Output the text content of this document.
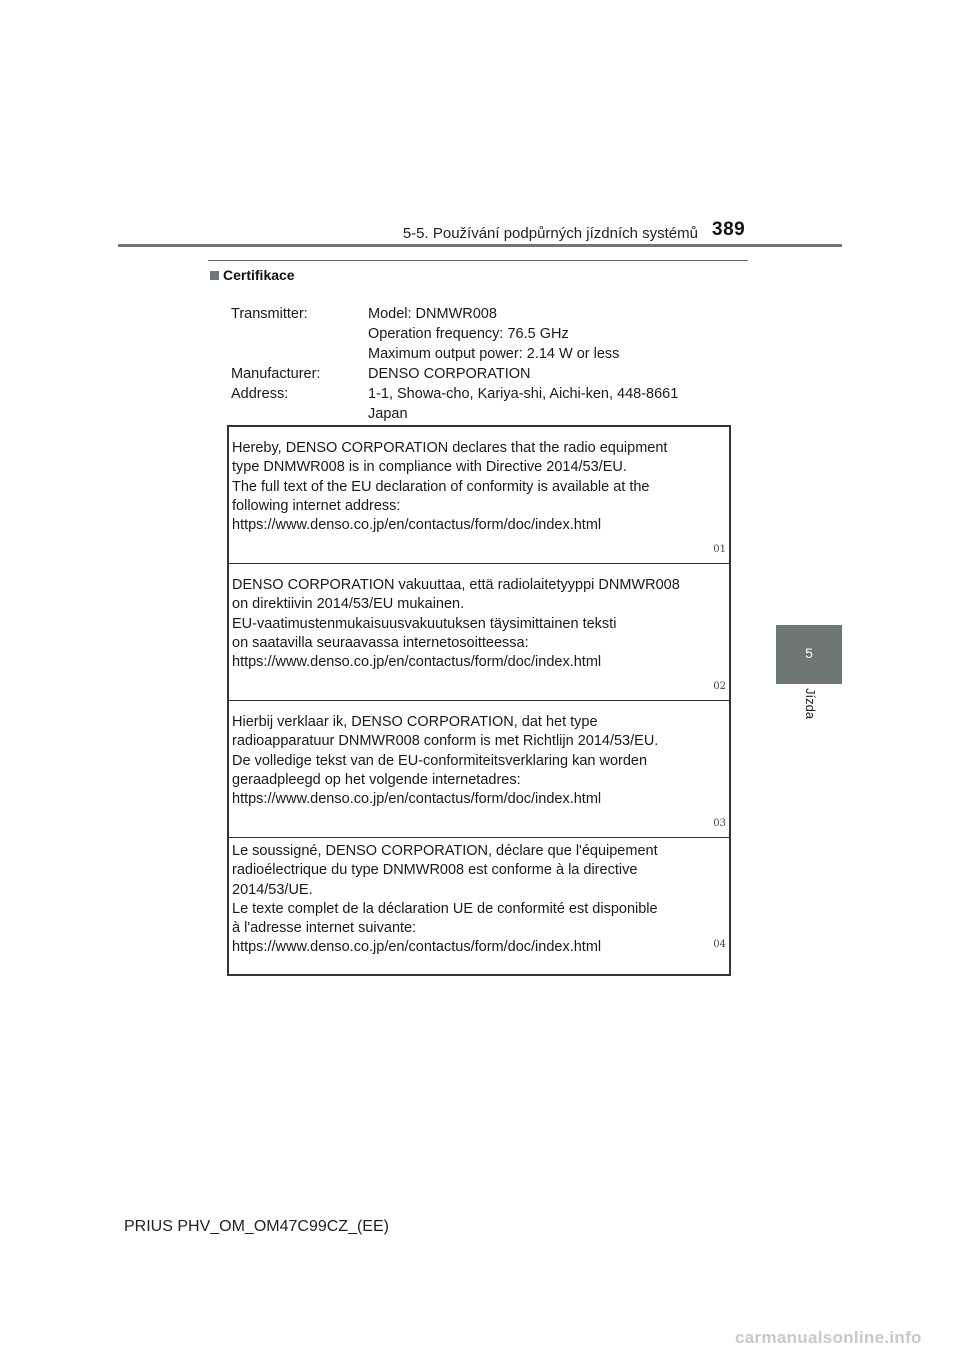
5-5. Používání podpůrných jízdních systémů 389
5
Jízda
Certifikace
Transmitter:	Model: DNMWR008
Operation frequency: 76.5 GHz
Maximum output power: 2.14 W or less
Manufacturer:	DENSO CORPORATION
Address:	1-1, Showa-cho, Kariya-shi, Aichi-ken, 448-8661
Japan
Hereby, DENSO CORPORATION declares that the radio equipment
type DNMWR008 is in compliance with Directive 2014/53/EU.
The full text of the EU declaration of conformity is available at the
following internet address:
https://www.denso.co.jp/en/contactus/form/doc/index.html
01
DENSO CORPORATION vakuuttaa, että radiolaitetyyppi DNMWR008
on direktiivin 2014/53/EU mukainen.
EU-vaatimustenmukaisuusvakuutuksen täysimittainen teksti
on saatavilla seuraavassa internetosoitteessa:
https://www.denso.co.jp/en/contactus/form/doc/index.html
02
Hierbij verklaar ik, DENSO CORPORATION, dat het type
radioapparatuur DNMWR008 conform is met Richtlijn 2014/53/EU.
De volledige tekst van de EU-conformiteitsverklaring kan worden
geraadpleegd op het volgende internetadres:
https://www.denso.co.jp/en/contactus/form/doc/index.html
03
Le soussigné, DENSO CORPORATION, déclare que l'équipement
radioélectrique du type DNMWR008 est conforme à la directive
2014/53/UE.
Le texte complet de la déclaration UE de conformité est disponible
à l'adresse internet suivante:
https://www.denso.co.jp/en/contactus/form/doc/index.html	04
PRIUS PHV_OM_OM47C99CZ_(EE)
carmanualsonline.info
